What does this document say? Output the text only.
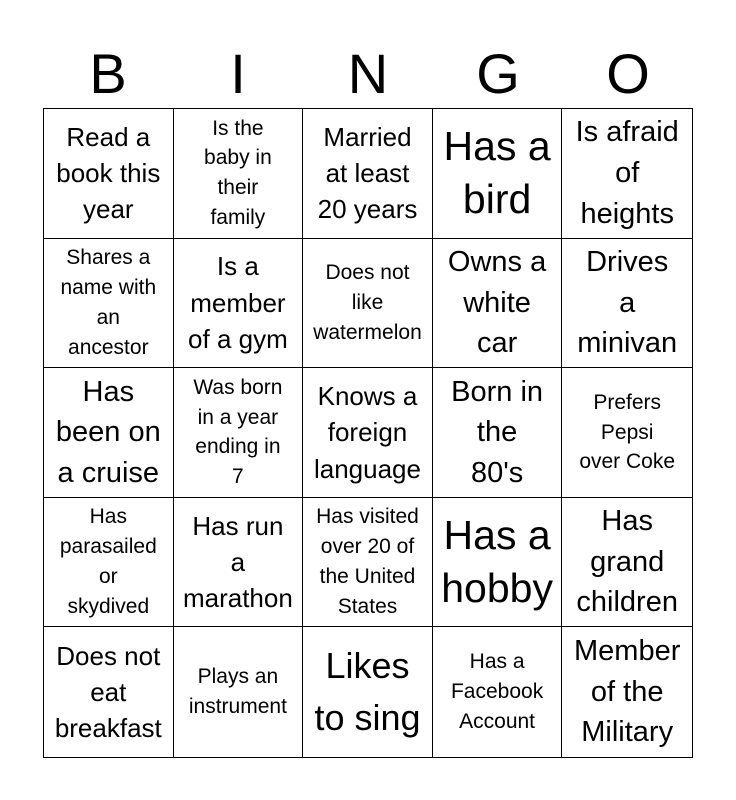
B	I	N	G	O
Read a
book this
year
Is the
baby in
their
family
Married
at least
20 years
Has a
bird
Is afraid
of
heights
Shares a
name with
an
ancestor
Is a
member
of a gym
Does not
like
watermelon
Owns a
white
car
Drives
a
minivan
Has
been on
a cruise
Was born
in a year
ending in
7
Knows a
foreign
language
Born in
the
80's
Prefers
Pepsi
over Coke
Has
parasailed
or
skydived
Has run
a
marathon
Has visited
over 20 of
the United
States
Has a
hobby
Has
grand
children
Does not
eat
breakfast
Plays an
instrument
Likes
to sing
Has a
Facebook
Account
Member
of the
Military
